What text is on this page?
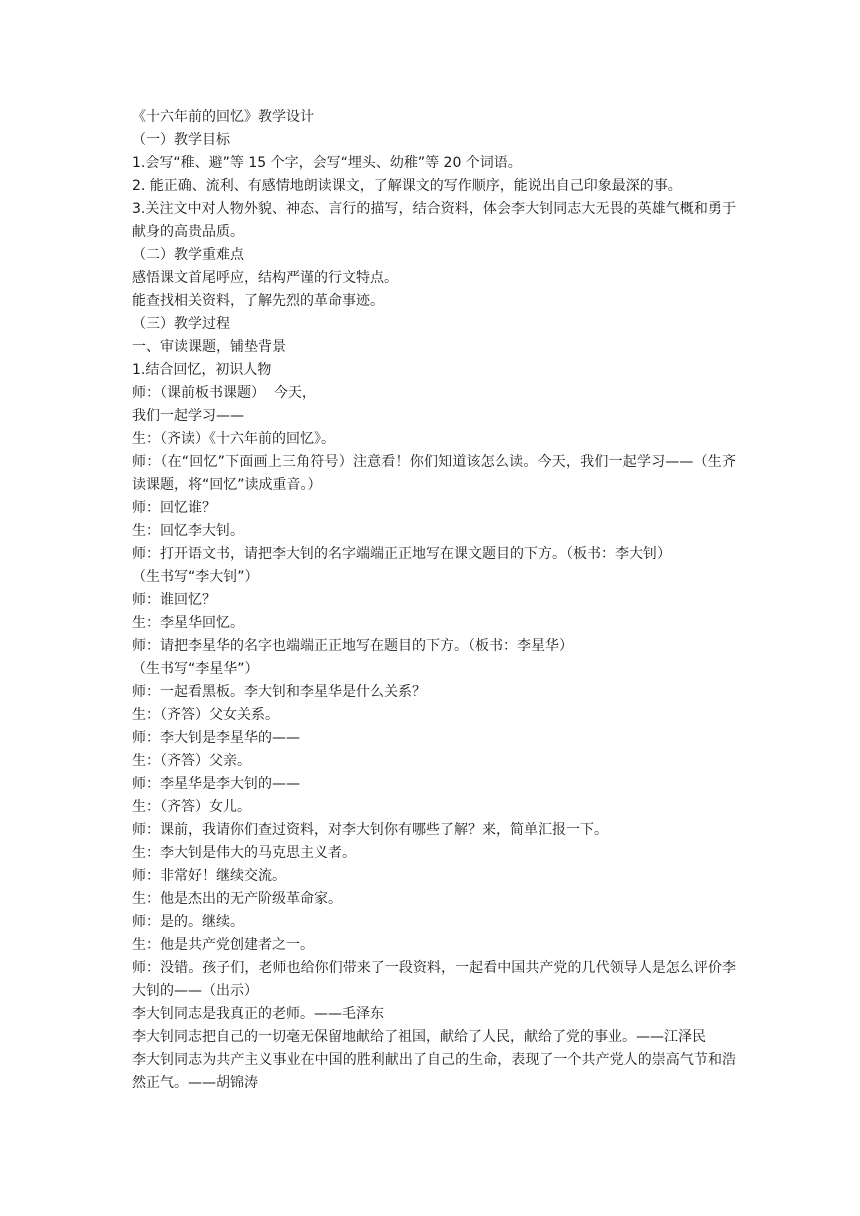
《十六年前的回忆》教学设计

（一）教学目标

1.会写“稚、避”等 15 个字，会写“埋头、幼稚”等 20 个词语。

2. 能正确、流利、有感情地朗读课文，了解课文的写作顺序，能说出自己印象最深的事。

3.关注文中对人物外貌、神态、言行的描写，结合资料，体会李大钊同志大无畏的英雄气概和勇于献身的高贵品质。

（二）教学重难点

感悟课文首尾呼应，结构严谨的行文特点。

能查找相关资料，了解先烈的革命事迹。

（三）教学过程

一、审读课题，铺垫背景

1.结合回忆，初识人物

师：（课前板书课题）  今天，

我们一起学习——

生：（齐读）《十六年前的回忆》。

师：（在“回忆”下面画上三角符号）注意看！你们知道该怎么读。今天，我们一起学习——（生齐读课题，将“回忆”读成重音。）

师：回忆谁？

生：回忆李大钊。

师：打开语文书，请把李大钊的名字端端正正地写在课文题目的下方。（板书：李大钊）

（生书写“李大钊”）

师：谁回忆？

生：李星华回忆。

师：请把李星华的名字也端端正正地写在题目的下方。（板书：李星华）

（生书写“李星华”）

师：一起看黑板。李大钊和李星华是什么关系？

生：（齐答）父女关系。

师：李大钊是李星华的——

生：（齐答）父亲。

师：李星华是李大钊的——

生：（齐答）女儿。

师：课前，我请你们查过资料，对李大钊你有哪些了解？来，简单汇报一下。

生：李大钊是伟大的马克思主义者。

师：非常好！继续交流。

生：他是杰出的无产阶级革命家。

师：是的。继续。

生：他是共产党创建者之一。

师：没错。孩子们，老师也给你们带来了一段资料，一起看中国共产党的几代领导人是怎么评价李大钊的——（出示）

李大钊同志是我真正的老师。——毛泽东

李大钊同志把自己的一切毫无保留地献给了祖国，献给了人民，献给了党的事业。——江泽民

李大钊同志为共产主义事业在中国的胜利献出了自己的生命，表现了一个共产党人的崇高气节和浩然正气。——胡锦涛
